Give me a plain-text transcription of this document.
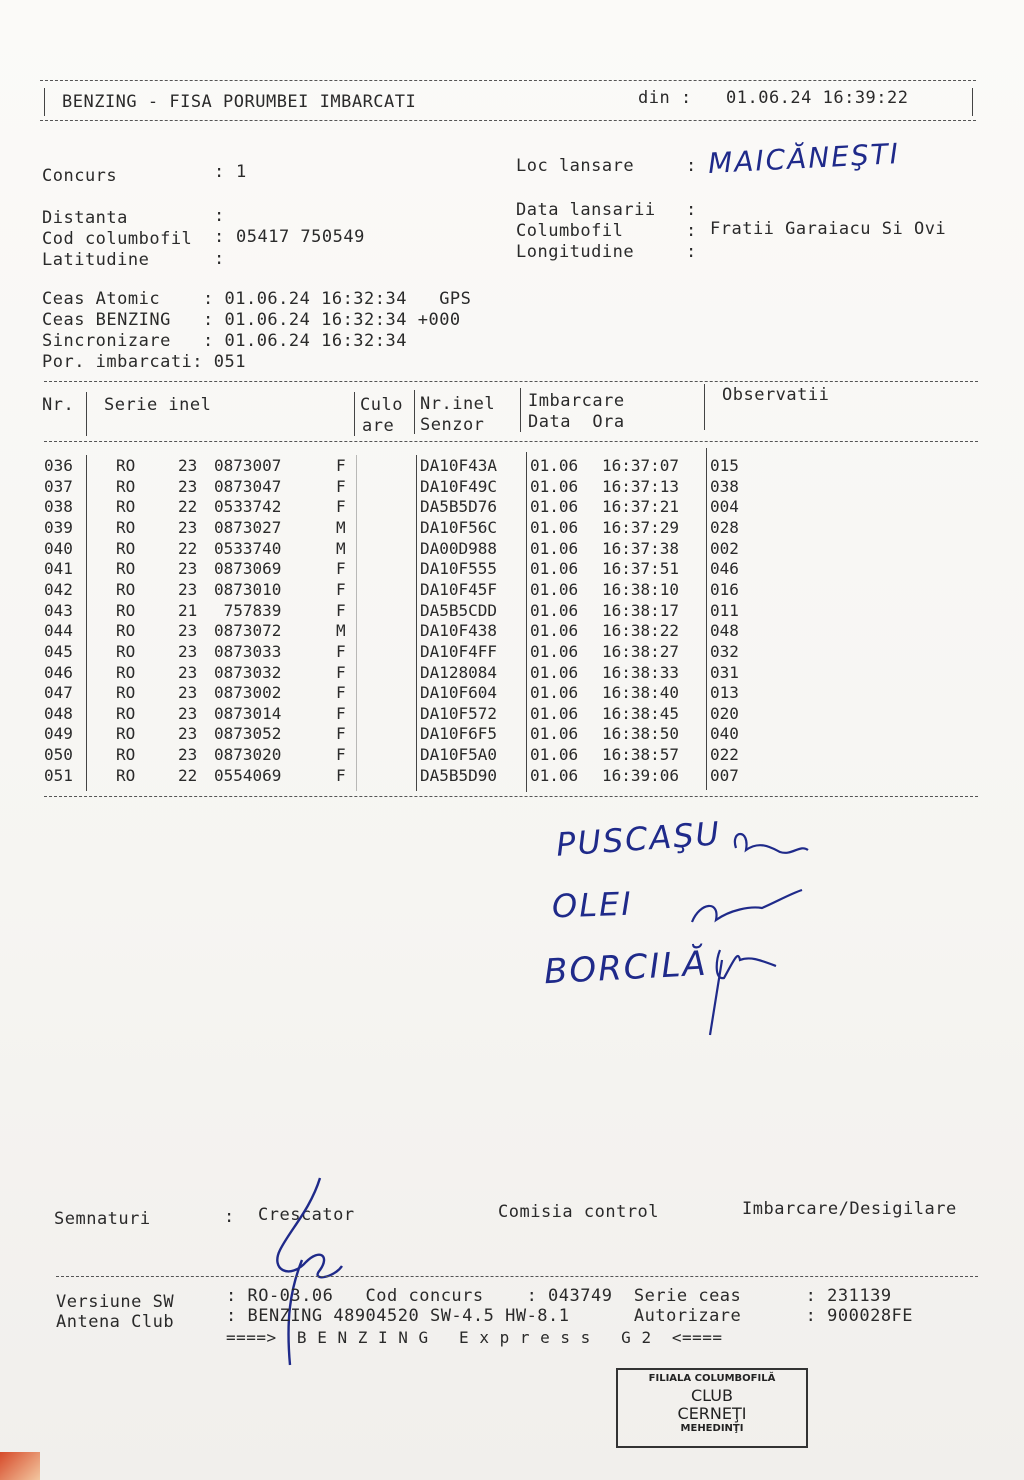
BENZING - FISA PORUMBEI IMBARCATI	din : 01.06.24 16:39:22
Concurs : 1
Distanta :
Cod columbofil : 05417 750549
Latitudine :
Loc lansare	: MAICĂNEŞTI
Data lansarii :
Columbofil	: Fratii Garaiacu Si Ovi
Longitudine	:
Ceas Atomic    : 01.06.24 16:32:34   GPS
Ceas BENZING   : 01.06.24 16:32:34 +000
Sincronizare   : 01.06.24 16:32:34
Por. imbarcati: 051
Nr. Serie inel	Culo
are
Nr.inel
Senzor
Imbarcare
Data  Ora
Observatii
036	RO	23 0873007	F	DA10F43A 01.06 16:37:07 015
037	RO	23 0873047	F	DA10F49C 01.06 16:37:13 038
038	RO	22 0533742	F	DA5B5D76 01.06 16:37:21 004
039	RO	23 0873027	M	DA10F56C 01.06 16:37:29 028
040	RO	22 0533740	M	DA00D988 01.06 16:37:38 002
041	RO	23 0873069	F	DA10F555 01.06 16:37:51 046
042	RO	23 0873010	F	DA10F45F 01.06 16:38:10 016
043	RO	21 757839	F	DA5B5CDD 01.06 16:38:17 011
044	RO	23 0873072	M	DA10F438 01.06 16:38:22 048
045	RO	23 0873033	F	DA10F4FF 01.06 16:38:27 032
046	RO	23 0873032	F	DA128084 01.06 16:38:33 031
047	RO	23 0873002	F	DA10F604 01.06 16:38:40 013
048	RO	23 0873014	F	DA10F572 01.06 16:38:45 020
049	RO	23 0873052	F	DA10F6F5 01.06 16:38:50 040
050	RO	23 0873020	F	DA10F5A0 01.06 16:38:57 022
051	RO	22 0554069	F	DA5B5D90 01.06 16:39:06 007
PUSCAŞU
OLEI
BORCILĂ
Semnaturi	: Crescator	Comisia control	Imbarcare/Desigilare
Versiune SW
Antena Club
: RO-03.06   Cod concurs    : 043749  Serie ceas      : 231139
: BENZING 48904520 SW-4.5 HW-8.1      Autorizare      : 900028FE
====>  B E N Z I N G   E x p r e s s   G 2  <====
FILIALA COLUMBOFILĂ
CLUB
CERNEŢI
MEHEDINŢI
